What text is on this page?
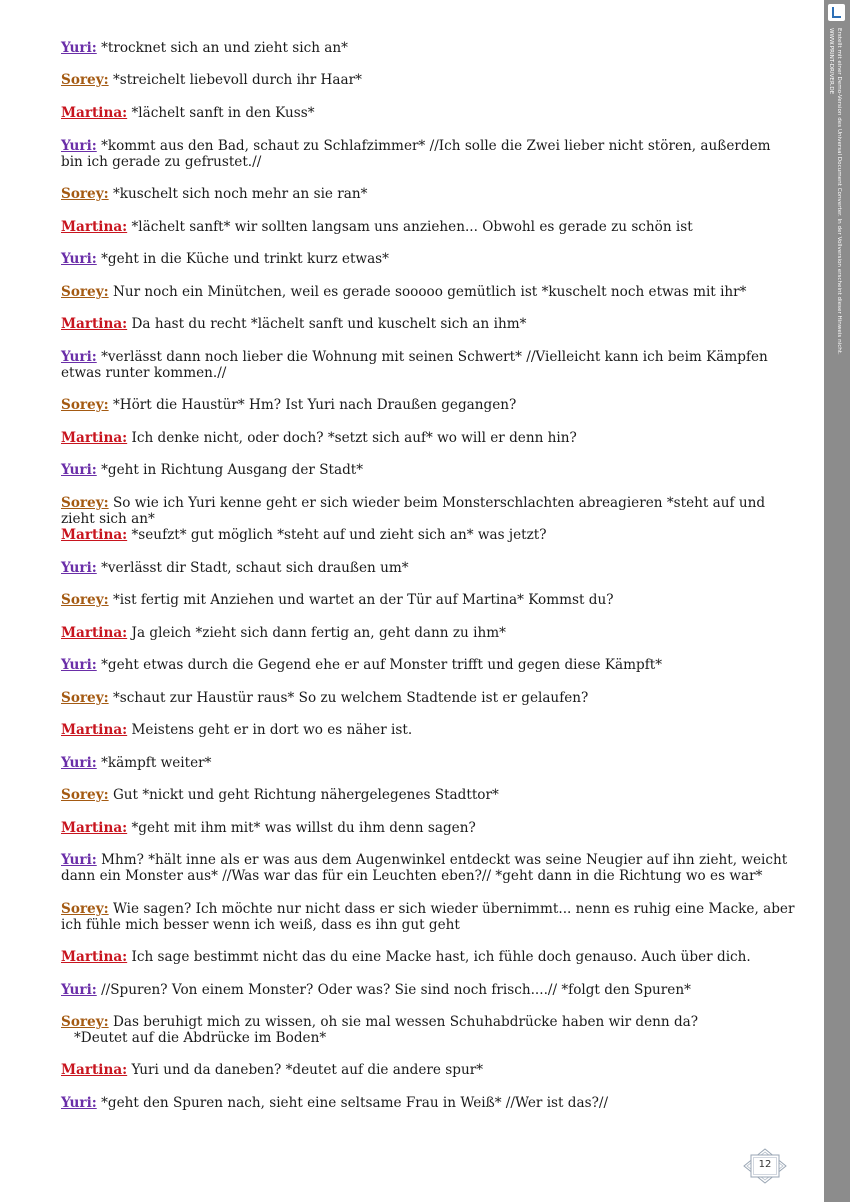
Yuri: *trocknet sich an und zieht sich an*
Sorey: *streichelt liebevoll durch ihr Haar*
Martina: *lächelt sanft in den Kuss*
Yuri: *kommt aus den Bad, schaut zu Schlafzimmer* //Ich solle die Zwei lieber nicht stören, außerdem bin ich gerade zu gefrustet.//
Sorey: *kuschelt sich noch mehr an sie ran*
Martina: *lächelt sanft* wir sollten langsam uns anziehen... Obwohl es gerade zu schön ist
Yuri: *geht in die Küche und trinkt kurz etwas*
Sorey: Nur noch ein Minütchen, weil es gerade sooooo gemütlich ist *kuschelt noch etwas mit ihr*
Martina: Da hast du recht *lächelt sanft und kuschelt sich an ihm*
Yuri: *verlässt dann noch lieber die Wohnung mit seinen Schwert* //Vielleicht kann ich beim Kämpfen etwas runter kommen.//
Sorey: *Hört die Haustür* Hm? Ist Yuri nach Draußen gegangen?
Martina: Ich denke nicht, oder doch? *setzt sich auf* wo will er denn hin?
Yuri: *geht in Richtung Ausgang der Stadt*
Sorey: So wie ich Yuri kenne geht er sich wieder beim Monsterschlachten abreagieren *steht auf und zieht sich an*
Martina: *seufzt* gut möglich *steht auf und zieht sich an* was jetzt?
Yuri: *verlässt dir Stadt, schaut sich draußen um*
Sorey: *ist fertig mit Anziehen und wartet an der Tür auf Martina* Kommst du?
Martina: Ja gleich *zieht sich dann fertig an, geht dann zu ihm*
Yuri: *geht etwas durch die Gegend ehe er auf Monster trifft und gegen diese Kämpft*
Sorey: *schaut zur Haustür raus* So zu welchem Stadtende ist er gelaufen?
Martina: Meistens geht er in dort wo es näher ist.
Yuri: *kämpft weiter*
Sorey: Gut *nickt und geht Richtung nähergelegenes Stadttor*
Martina: *geht mit ihm mit* was willst du ihm denn sagen?
Yuri: Mhm? *hält inne als er was aus dem Augenwinkel entdeckt was seine Neugier auf ihn zieht, weicht dann ein Monster aus* //Was war das für ein Leuchten eben?// *geht dann in die Richtung wo es war*
Sorey: Wie sagen? Ich möchte nur nicht dass er sich wieder übernimmt... nenn es ruhig eine Macke, aber ich fühle mich besser wenn ich weiß, dass es ihn gut geht
Martina: Ich sage bestimmt nicht das du eine Macke hast, ich fühle doch genauso. Auch über dich.
Yuri: //Spuren? Von einem Monster? Oder was? Sie sind noch frisch....// *folgt den Spuren*
Sorey: Das beruhigt mich zu wissen, oh sie mal wessen Schuhabdrücke haben wir denn da?
*Deutet auf die Abdrücke im Boden*
Martina: Yuri und da daneben? *deutet auf die andere spur*
Yuri: *geht den Spuren nach, sieht eine seltsame Frau in Weiß* //Wer ist das?//
12
Erstellt mit einer Demo-Version des Universal Document Converter. In der Vollversion erscheint dieser Hinweis nicht.
WWW.PRINT-DRIVER.DE
